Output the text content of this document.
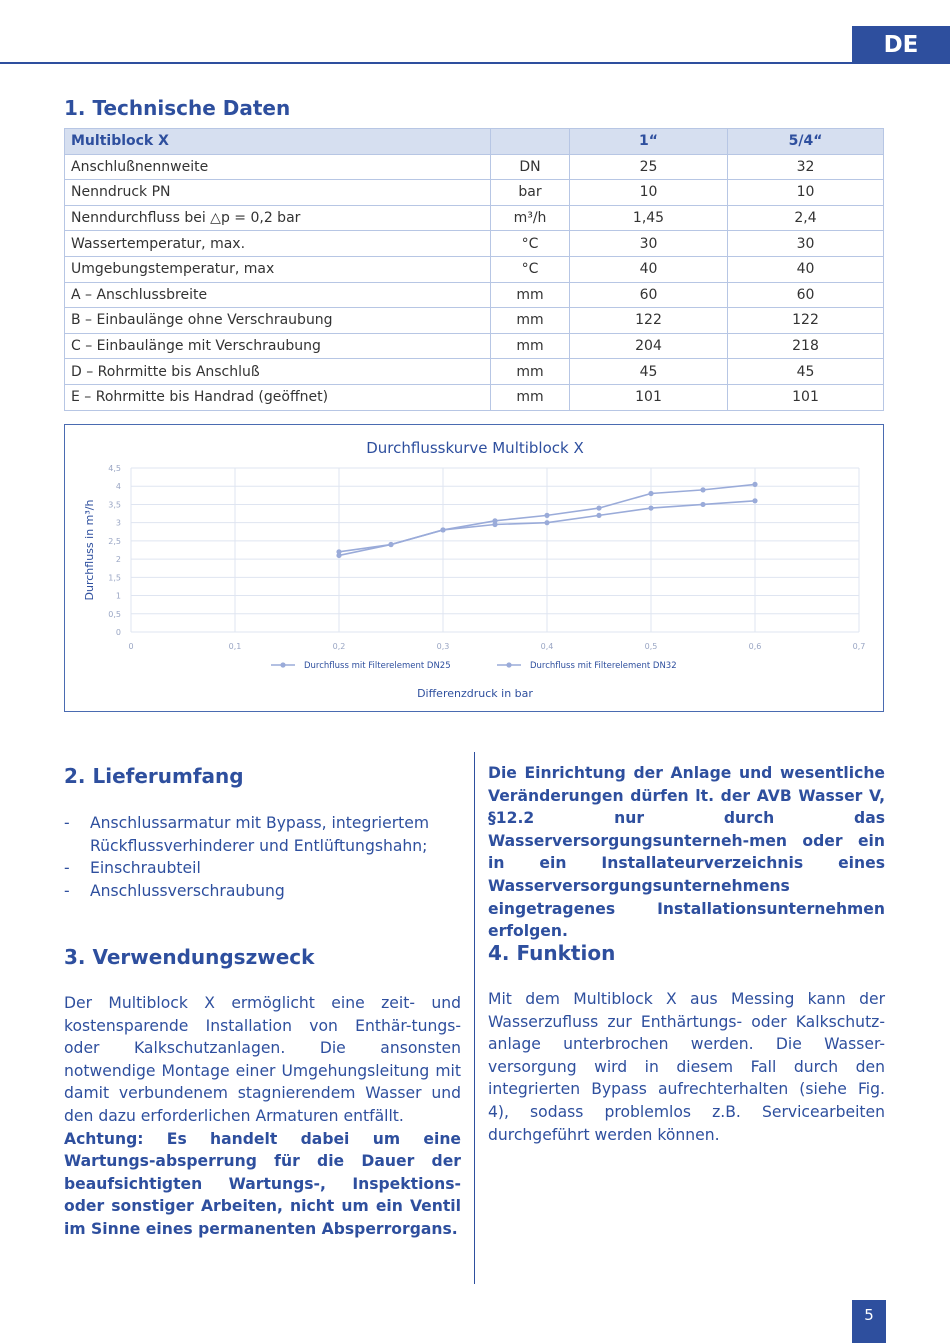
DE
1. Technische Daten
Multiblock X		1“	5/4“
Anschlußnennweite	DN	25	32
Nenndruck PN	bar	10	10
Nenndurchfluss bei △p = 0,2 bar	m³/h	1,45	2,4
Wassertemperatur, max.	°C	30	30
Umgebungstemperatur, max	°C	40	40
A – Anschlussbreite	mm	60	60
B – Einbaulänge ohne Verschraubung	mm	122	122
C – Einbaulänge mit Verschraubung	mm	204	218
D – Rohrmitte bis Anschluß	mm	45	45
E – Rohrmitte bis Handrad (geöffnet)	mm	101	101
Durchflusskurve Multiblock X
0
0,5
1
1,5
2
2,5
3
3,5
4
4,5
0	0,1	0,2	0,3	0,4	0,5	0,6	0,7
Differenzdruck in bar
Durchfluss in m³/h
Durchfluss mit Filterelement DN25	Durchfluss mit Filterelement DN32
2. Lieferumfang
- Anschlussarmatur mit Bypass, integriertem Rückflussverhinderer und Entlüftungshahn;
- Einschraubteil
- Anschlussverschraubung
Die Einrichtung der Anlage und wesentliche Veränderungen dürfen lt. der AVB Wasser V, §12.2 nur durch das Wasserversorgungsunterneh-men oder ein in ein Installateurverzeichnis eines Wasserversorgungsunternehmens eingetragenes Installationsunternehmen erfolgen.
3. Verwendungszweck
Der Multiblock X ermöglicht eine zeit- und kostensparende Installation von Enthär-tungs- oder Kalkschutzanlagen. Die ansonsten notwendige Montage einer Umgehungsleitung mit damit verbundenem stagnierendem Wasser und den dazu erforderlichen Armaturen entfällt.
Achtung: Es handelt dabei um eine Wartungs-absperrung für die Dauer der beaufsichtigten Wartungs-, Inspektions- oder sonstiger Arbeiten, nicht um ein Ventil im Sinne eines permanenten Absperrorgans.
4. Funktion
Mit dem Multiblock X aus Messing kann der Wasserzufluss zur Enthärtungs- oder Kalkschutz-anlage unterbrochen werden. Die Wasser-versorgung wird in diesem Fall durch den integrierten Bypass aufrechterhalten (siehe Fig. 4), sodass problemlos z.B. Servicearbeiten durchgeführt werden können.
5
